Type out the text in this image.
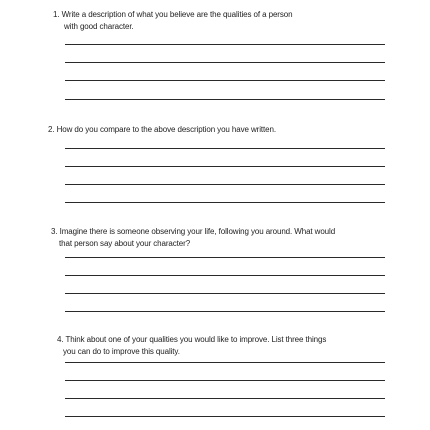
1. Write a description of what you believe are the qualities of a person
with good character.
2. How do you compare to the above description you have written.
3. Imagine there is someone observing your life, following you around. What would
that person say about your character?
4. Think about one of your qualities you would like to improve. List three things
you can do to improve this quality.
